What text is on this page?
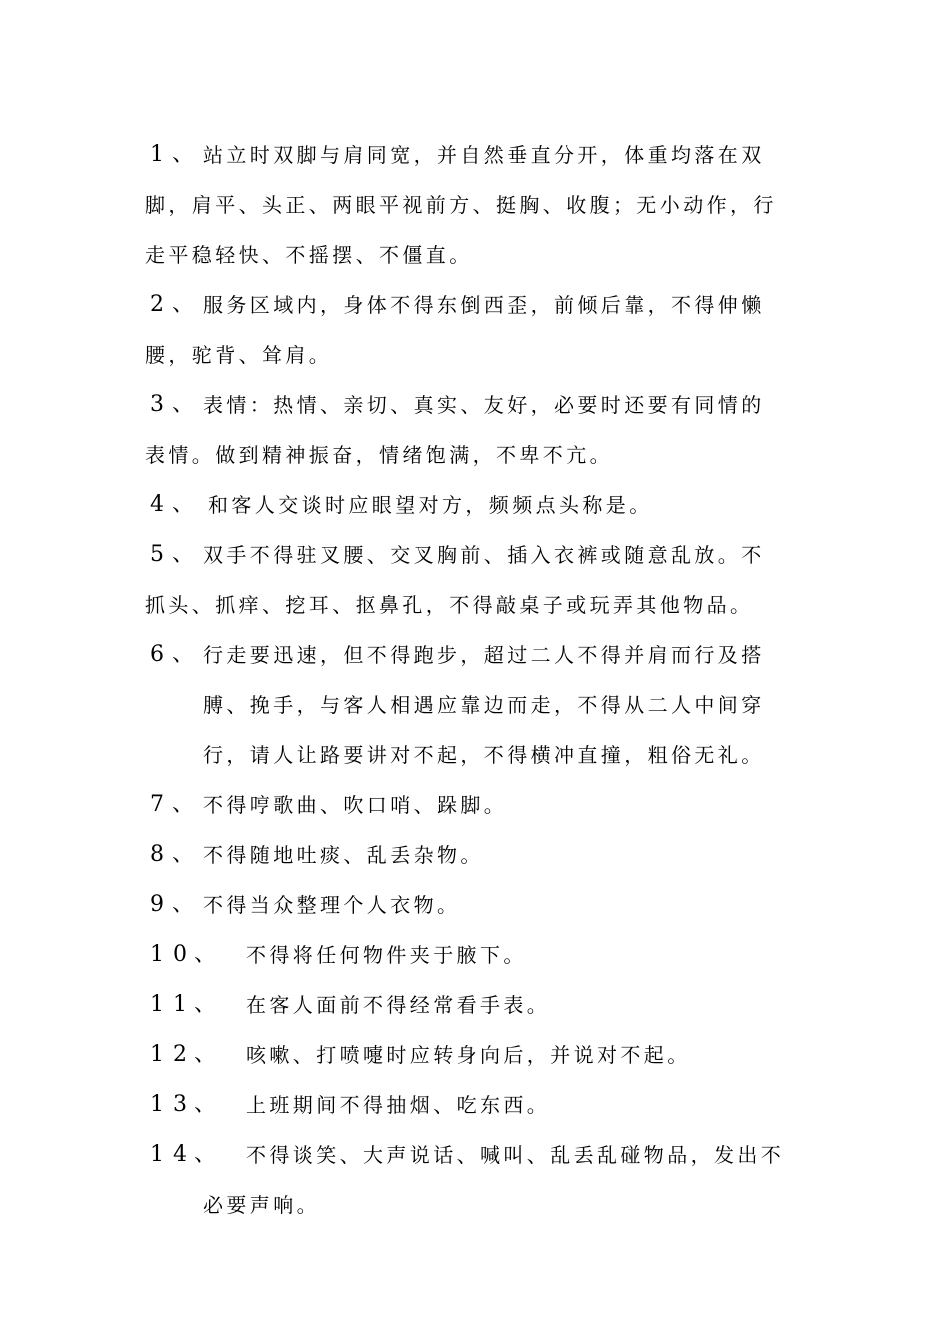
1 、 站立时双脚与肩同宽，并自然垂直分开，体重均落在双
脚，肩平、头正、两眼平视前方、挺胸、收腹；无小动作，行
走平稳轻快、不摇摆、不僵直。
2 、 服务区域内，身体不得东倒西歪，前倾后靠，不得伸懒
腰，驼背、耸肩。
3 、 表情：热情、亲切、真实、友好，必要时还要有同情的
表情。做到精神振奋，情绪饱满，不卑不亢。
4 、 和客人交谈时应眼望对方，频频点头称是。
5 、 双手不得驻叉腰、交叉胸前、插入衣裤或随意乱放。不
抓头、抓痒、挖耳、抠鼻孔，不得敲桌子或玩弄其他物品。
6 、 行走要迅速，但不得跑步，超过二人不得并肩而行及搭
膊、挽手，与客人相遇应靠边而走，不得从二人中间穿
行，请人让路要讲对不起，不得横冲直撞，粗俗无礼。
7 、 不得哼歌曲、吹口哨、跺脚。
8 、 不得随地吐痰、乱丢杂物。
9 、 不得当众整理个人衣物。
10
、 不得将任何物件夹于腋下。
11
、 在客人面前不得经常看手表。
12
、 咳嗽、打喷嚏时应转身向后，并说对不起。
13
、 上班期间不得抽烟、吃东西。
14
、 不得谈笑、大声说话、喊叫、乱丢乱碰物品，发出不
必要声响。
